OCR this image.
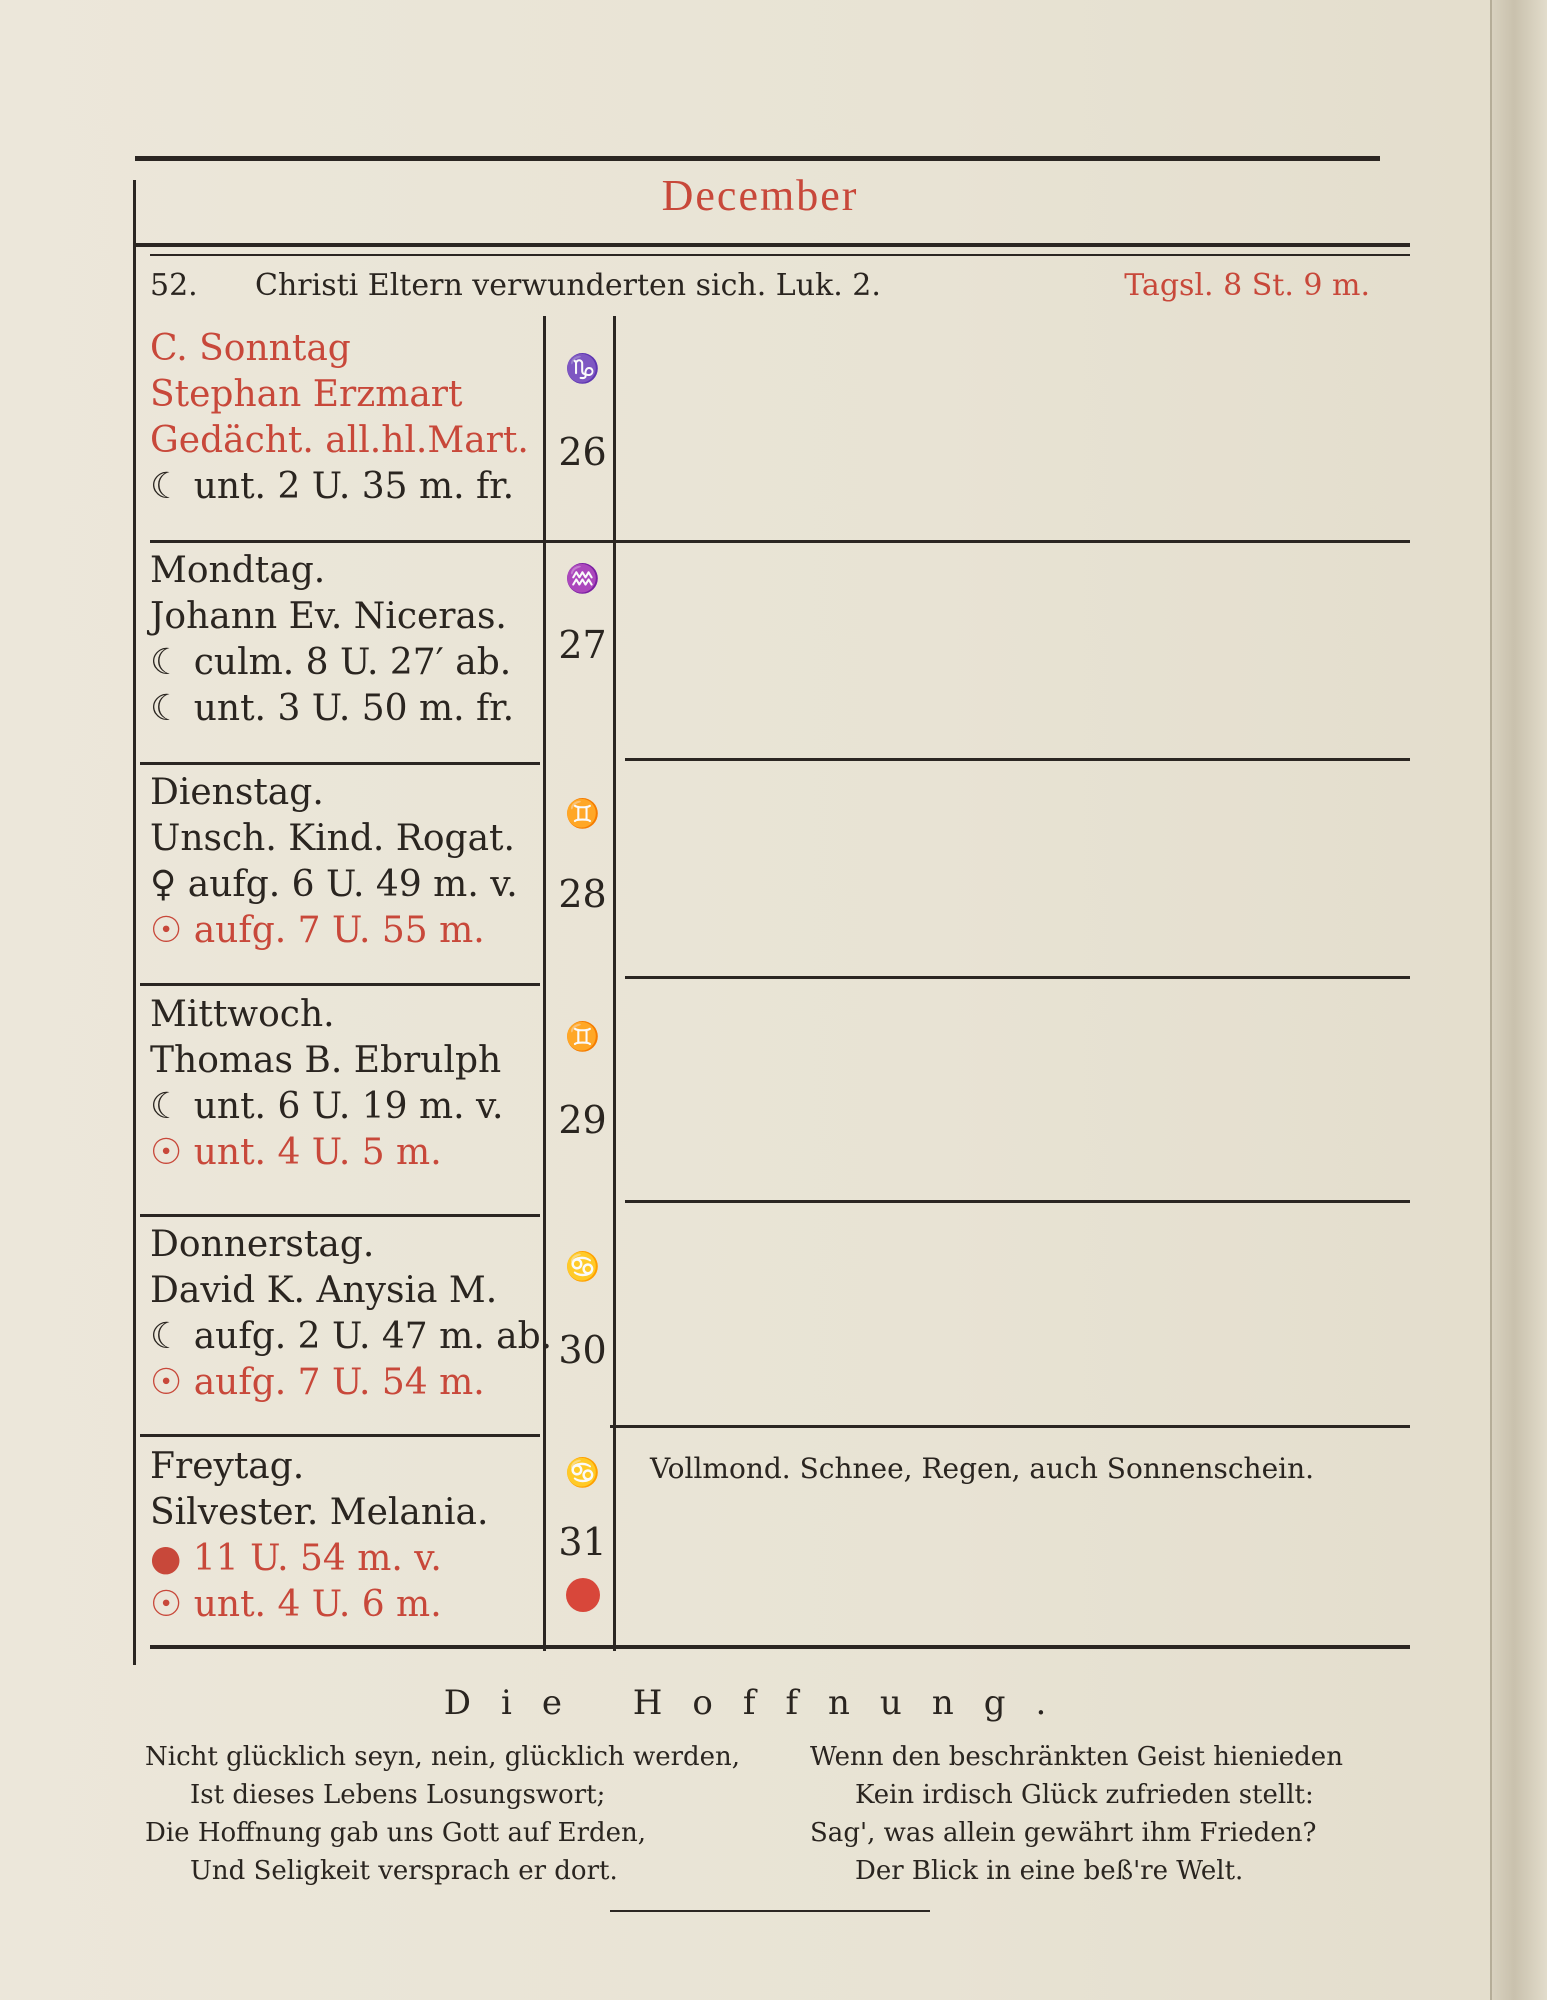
December
52. Christi Eltern verwunderten sich. Luk. 2.	Tagsl. 8 St. 9 m.
C. Sonntag
Stephan Erzmart
Gedächt. all.hl.Mart.
☾ unt. 2 U. 35 m. fr.
♑
26
Mondtag.
Johann Ev. Niceras.
☾ culm. 8 U. 27′ ab.
☾ unt. 3 U. 50 m. fr.
♒
27
Dienstag.
Unsch. Kind. Rogat.
♀ aufg. 6 U. 49 m. v.
☉ aufg. 7 U. 55 m.
♊
28
Mittwoch.
Thomas B. Ebrulph
☾ unt. 6 U. 19 m. v.
☉ unt. 4 U. 5 m.
♊
29
Donnerstag.
David K. Anysia M.
☾ aufg. 2 U. 47 m. ab.
☉ aufg. 7 U. 54 m.
♋
30
Freytag.
Silvester. Melania.
● 11 U. 54 m. v.
☉ unt. 4 U. 6 m.
♋
31
Vollmond. Schnee, Regen, auch Sonnenschein.
Die Hoffnung.
Nicht glücklich seyn, nein, glücklich werden,
Ist dieses Lebens Losungswort;
Die Hoffnung gab uns Gott auf Erden,
Und Seligkeit versprach er dort.
Wenn den beschränkten Geist hienieden
Kein irdisch Glück zufrieden stellt:
Sag', was allein gewährt ihm Frieden?
Der Blick in eine beß're Welt.
